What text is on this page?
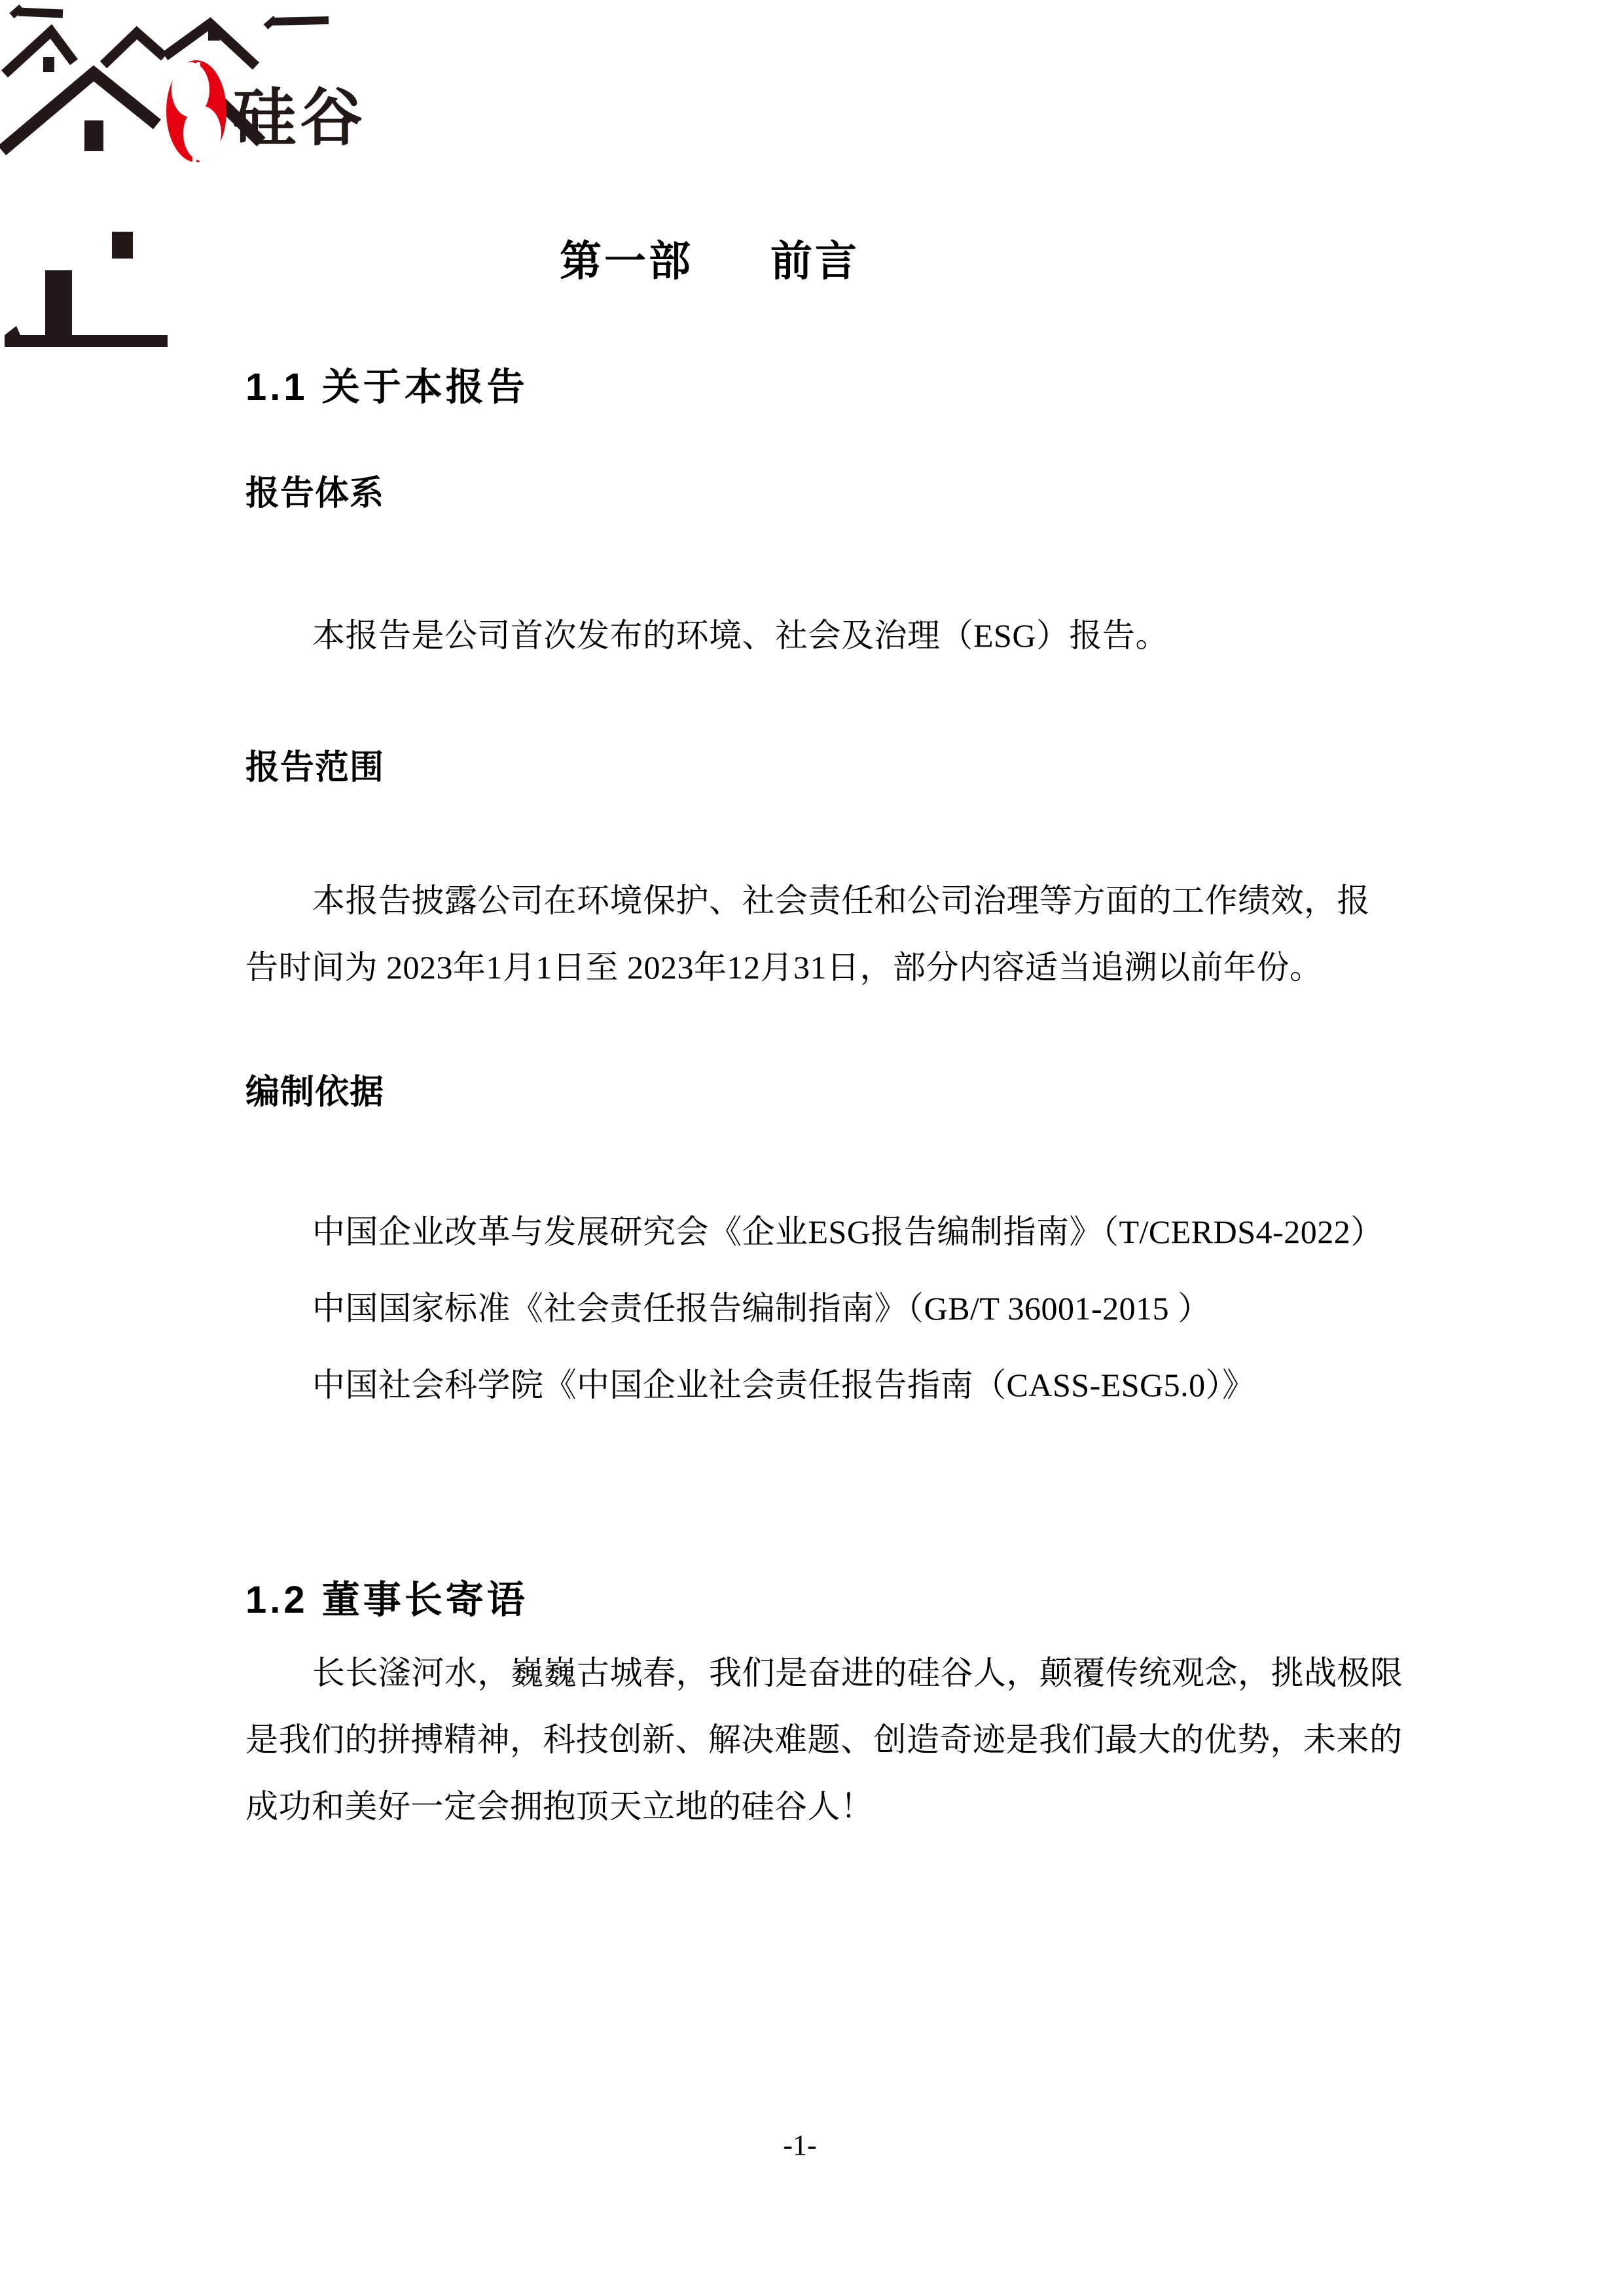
硅谷
第一部 前言
1.1 关于本报告
报告体系
本报告是公司首次发布的环境、社会及治理（ESG）报告。
报告范围
本报告披露公司在环境保护、社会责任和公司治理等方面的工作绩效，报
告时间为 2023年1月1日至 2023年12月31日，部分内容适当追溯以前年份。
编制依据
中国企业改革与发展研究会《企业ESG报告编制指南》（T/CERDS4-2022）
中国国家标准《社会责任报告编制指南》（GB/T 36001-2015 ）
中国社会科学院《中国企业社会责任报告指南（CASS-ESG5.0）》
1.2 董事长寄语
长长滏河水，巍巍古城春，我们是奋进的硅谷人，颠覆传统观念，挑战极限
是我们的拼搏精神，科技创新、解决难题、创造奇迹是我们最大的优势，未来的
成功和美好一定会拥抱顶天立地的硅谷人！
-1-
